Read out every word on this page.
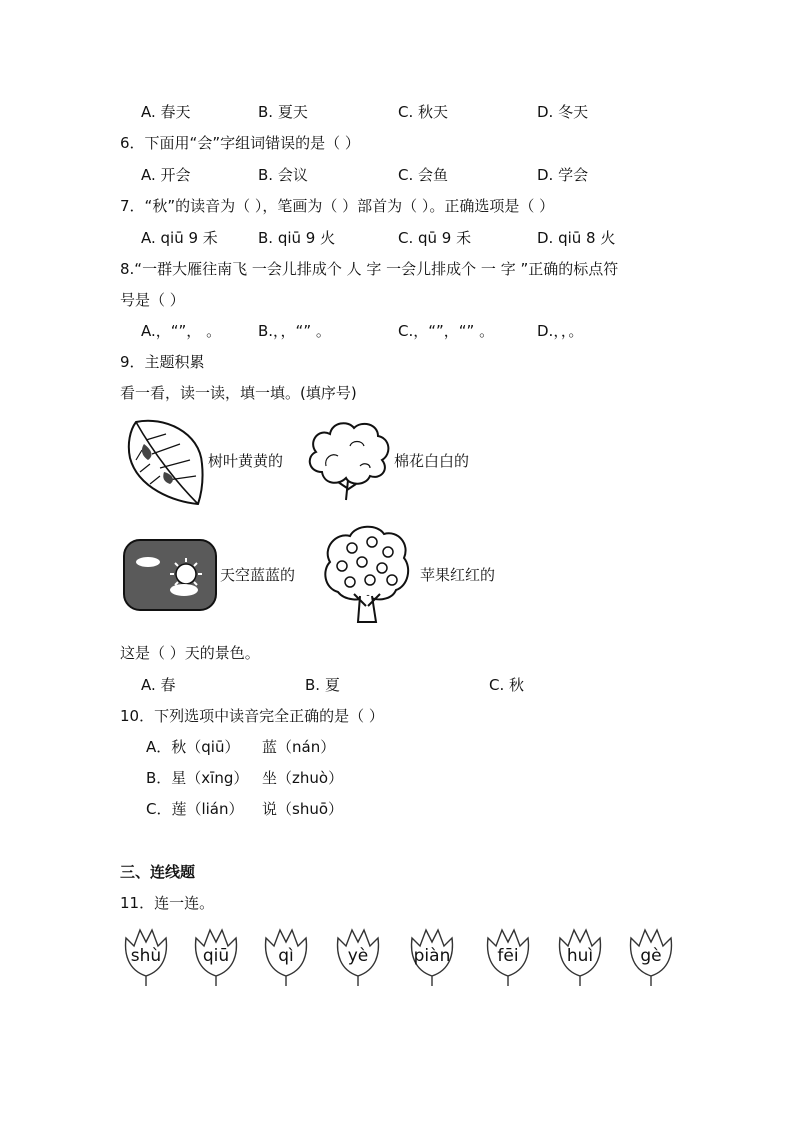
A. 春天	B. 夏天	C. 秋天	D. 冬天
6．下面用“会”字组词错误的是（ ）
A. 开会	B. 会议	C. 会鱼	D. 学会
7．“秋”的读音为（ ），笔画为（ ）部首为（ ）。正确选项是（ ）
A. qiū 9 禾	B. qiū 9 火	C. qū 9 禾	D. qiū 8 火
8.“一群大雁往南飞 一会儿排成个 人 字 一会儿排成个 一 字 ”正确的标点符
号是（ ）
A.，“”， 。 B.，，“” 。	C.，“”，“” 。	D.，，。
9．主题积累
看一看，读一读，填一填。(填序号)
树叶黄黄的	棉花白白的
天空蓝蓝的	苹果红红的
这是（ ）天的景色。
A. 春	B. 夏	C. 秋
10．下列选项中读音完全正确的是（ ）
A．秋（qiū） 蓝（nán）
B．星（xīng） 坐（zhuò）
C．莲（lián） 说（shuō）
三、连线题
11．连一连。
shù	qiū	qì	yè	piàn	fēi	huì	gè
